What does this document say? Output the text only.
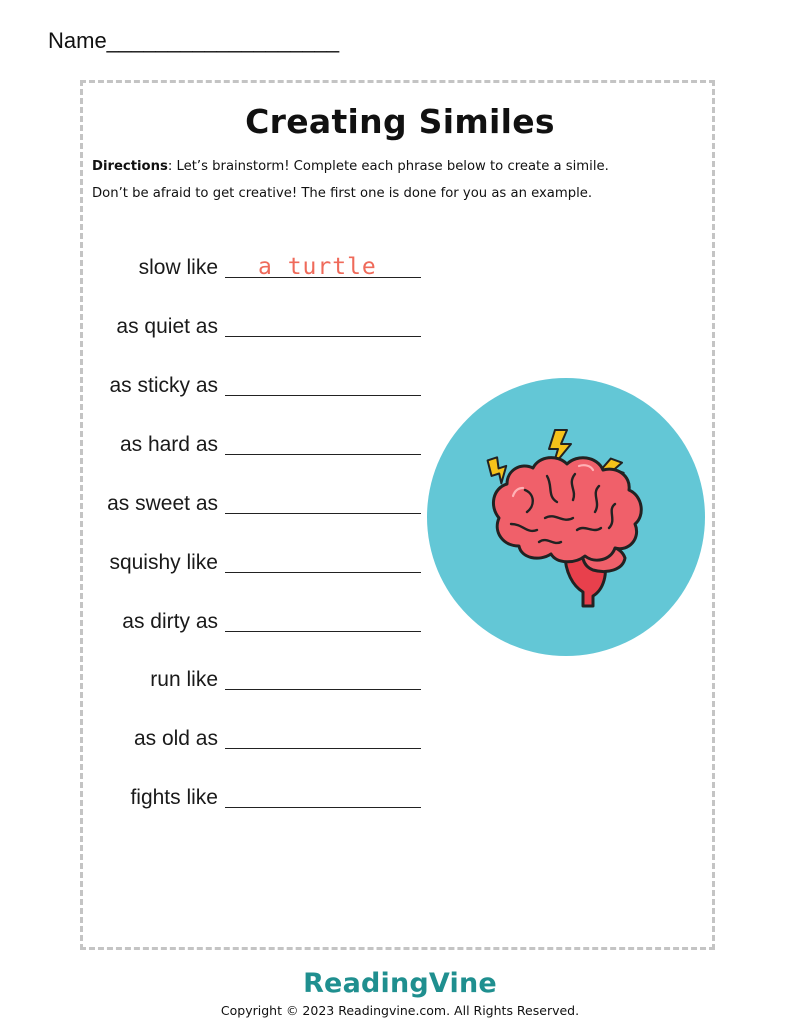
Name___________________
Creating Similes
Directions: Let’s brainstorm! Complete each phrase below to create a simile.
Don’t be afraid to get creative! The first one is done for you as an example.
slow like a turtle
as quiet as
as sticky as
as hard as
as sweet as
squishy like
as dirty as
run like
as old as
fights like
ReadingVine
Copyright © 2023 Readingvine.com. All Rights Reserved.
